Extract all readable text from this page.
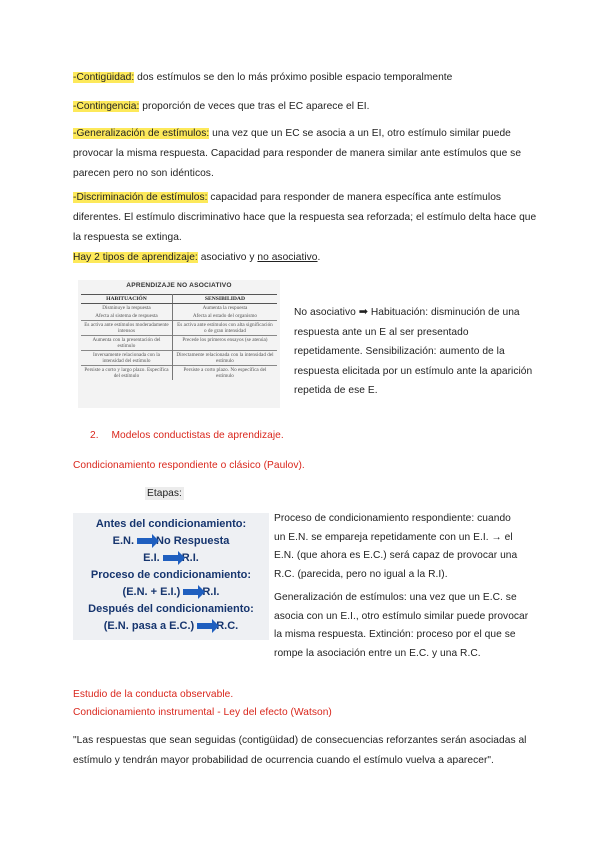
-Contigüidad: dos estímulos se den lo más próximo posible espacio temporalmente
-Contingencia: proporción de veces que tras el EC aparece el EI.
-Generalización de estímulos: una vez que un EC se asocia a un EI, otro estímulo similar puede
provocar la misma respuesta. Capacidad para responder de manera similar ante estímulos que se
parecen pero no son idénticos.
-Discriminación de estímulos: capacidad para responder de manera específica ante estímulos
diferentes. El estímulo discriminativo hace que la respuesta sea reforzada; el estímulo delta hace que
la respuesta se extinga.
Hay 2 tipos de aprendizaje: asociativo y no asociativo.
APRENDIZAJE NO ASOCIATIVO
HABITUACIÓN	SENSIBILIDAD
Disminuye la respuesta	Aumenta la respuesta
Afecta al sistema de respuesta	Afecta al estado del organismo
Es activa ante estímulos moderadamente intensos	Es activa ante estímulos con alta significación o de gran intensidad
Aumenta con la presentación del estímulo	Precede los primeros ensayos (se atenúa)
Inversamente relacionada con la intensidad del estímulo	Directamente relacionada con la intensidad del estímulo
Persiste a corto y largo plazo. Específica del estímulo	Persiste a corto plazo. No específica del estímulo
No asociativo ➡ Habituación: disminución de una
respuesta ante un E al ser presentado
repetidamente. Sensibilización: aumento de la
respuesta elicitada por un estímulo ante la aparición
repetida de ese E.
2. Modelos conductistas de aprendizaje.
Condicionamiento respondiente o clásico (Paulov).
Etapas:
Antes del condicionamiento:
E.N. No Respuesta
E.I. R.I.
Proceso de condicionamiento:
(E.N. + E.I.) R.I.
Después del condicionamiento:
(E.N. pasa a E.C.) R.C.
Proceso de condicionamiento respondiente: cuando
un E.N. se empareja repetidamente con un E.I. → el
E.N. (que ahora es E.C.) será capaz de provocar una
R.C. (parecida, pero no igual a la R.I).
Generalización de estímulos: una vez que un E.C. se
asocia con un E.I., otro estímulo similar puede provocar
la misma respuesta. Extinción: proceso por el que se
rompe la asociación entre un E.C. y una R.C.
Estudio de la conducta observable.
Condicionamiento instrumental - Ley del efecto (Watson)
"Las respuestas que sean seguidas (contigüidad) de consecuencias reforzantes serán asociadas al
estímulo y tendrán mayor probabilidad de ocurrencia cuando el estímulo vuelva a aparecer".
